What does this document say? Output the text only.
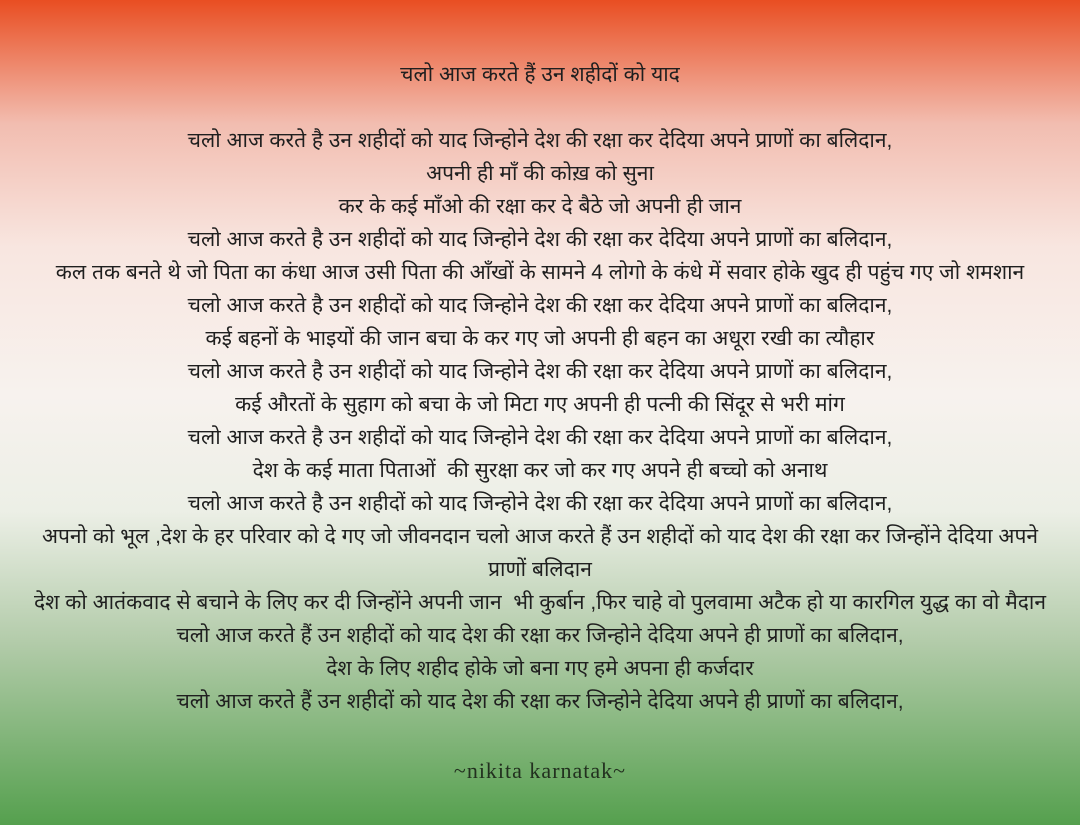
चलो आज करते हैं उन शहीदों को याद
चलो आज करते है उन शहीदों को याद जिन्होने देश की रक्षा कर देदिया अपने प्राणों का बलिदान,
अपनी ही माँ की कोख़ को सुना
कर के कई माँओ की रक्षा कर दे बैठे जो अपनी ही जान
चलो आज करते है उन शहीदों को याद जिन्होने देश की रक्षा कर देदिया अपने प्राणों का बलिदान,
कल तक बनते थे जो पिता का कंधा आज उसी पिता की आँखों के सामने 4 लोगो के कंधे में सवार होके खुद ही पहुंच गए जो शमशान
चलो आज करते है उन शहीदों को याद जिन्होने देश की रक्षा कर देदिया अपने प्राणों का बलिदान,
कई बहनों के भाइयों की जान बचा के कर गए जो अपनी ही बहन का अधूरा रखी का त्यौहार
चलो आज करते है उन शहीदों को याद जिन्होने देश की रक्षा कर देदिया अपने प्राणों का बलिदान,
कई औरतों के सुहाग को बचा के जो मिटा गए अपनी ही पत्नी की सिंदूर से भरी मांग
चलो आज करते है उन शहीदों को याद जिन्होने देश की रक्षा कर देदिया अपने प्राणों का बलिदान,
देश के कई माता पिताओं  की सुरक्षा कर जो कर गए अपने ही बच्चो को अनाथ
चलो आज करते है उन शहीदों को याद जिन्होने देश की रक्षा कर देदिया अपने प्राणों का बलिदान,
अपनो को भूल ,देश के हर परिवार को दे गए जो जीवनदान चलो आज करते हैं उन शहीदों को याद देश की रक्षा कर जिन्होंने देदिया अपने
प्राणों बलिदान
देश को आतंकवाद से बचाने के लिए कर दी जिन्होंने अपनी जान  भी कुर्बान ,फिर चाहे वो पुलवामा अटैक हो या कारगिल युद्ध का वो मैदान
चलो आज करते हैं उन शहीदों को याद देश की रक्षा कर जिन्होने देदिया अपने ही प्राणों का बलिदान,
देश के लिए शहीद होके जो बना गए हमे अपना ही कर्जदार
चलो आज करते हैं उन शहीदों को याद देश की रक्षा कर जिन्होने देदिया अपने ही प्राणों का बलिदान,
~nikita karnatak~
